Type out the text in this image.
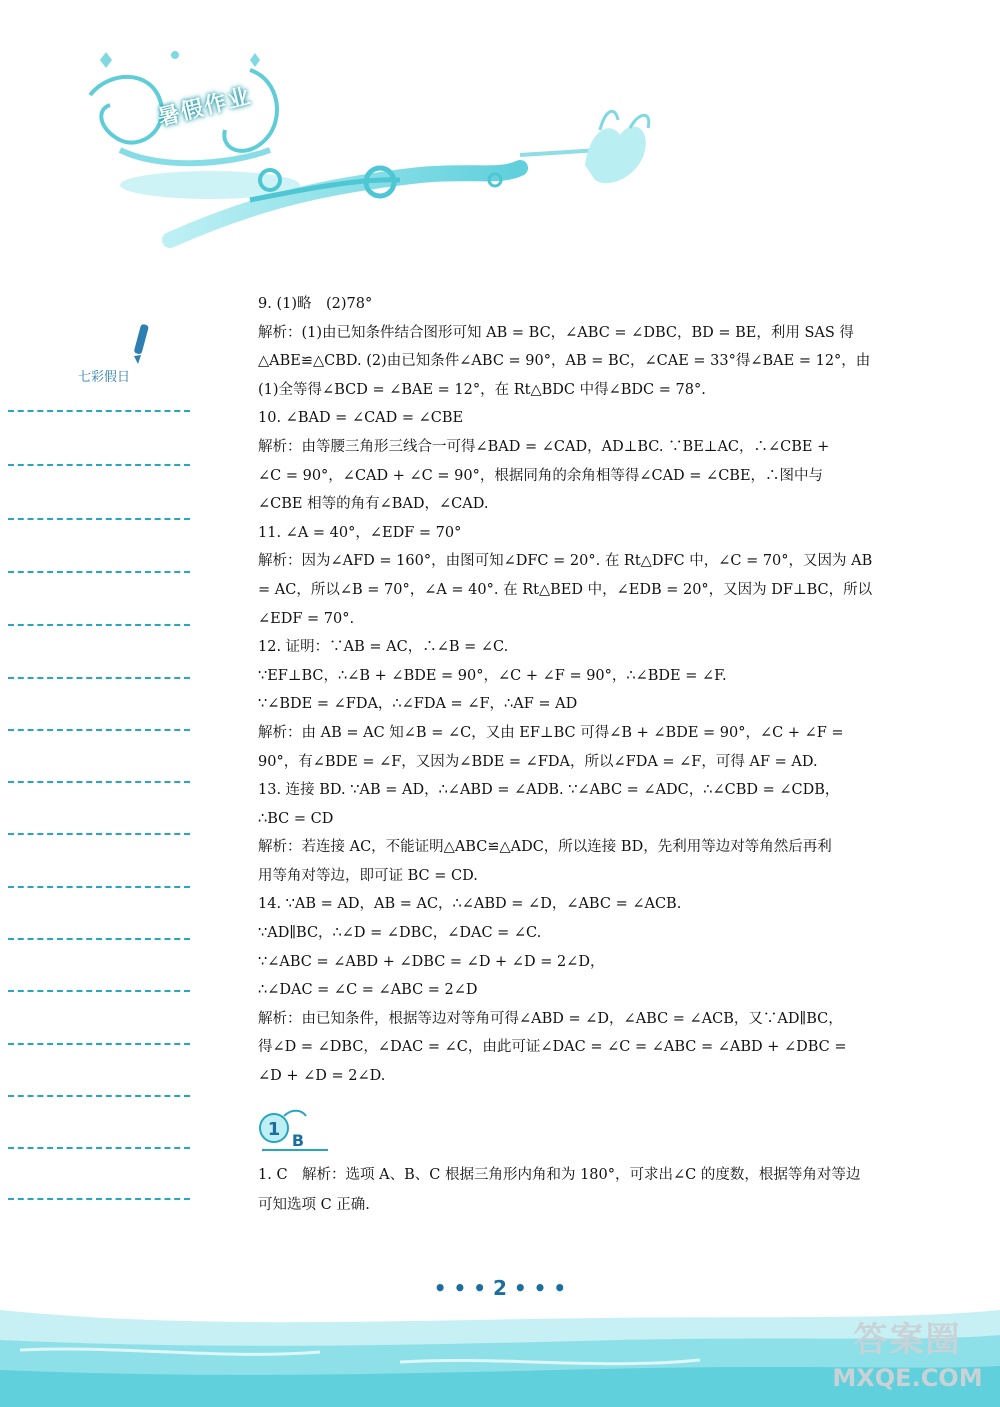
暑假作业
七彩假日

9. (1)略　(2)78°

解析：(1)由已知条件结合图形可知 AB = BC，∠ABC = ∠DBC，BD = BE，利用 SAS 得

△ABE≌△CBD. (2)由已知条件∠ABC = 90°，AB = BC，∠CAE = 33°得∠BAE = 12°，由

(1)全等得∠BCD = ∠BAE = 12°，在 Rt△BDC 中得∠BDC = 78°.

10. ∠BAD = ∠CAD = ∠CBE

解析：由等腰三角形三线合一可得∠BAD = ∠CAD，AD⊥BC. ∵BE⊥AC，∴∠CBE +

∠C = 90°，∠CAD + ∠C = 90°，根据同角的余角相等得∠CAD = ∠CBE，∴图中与

∠CBE 相等的角有∠BAD，∠CAD.

11. ∠A = 40°，∠EDF = 70°

解析：因为∠AFD = 160°，由图可知∠DFC = 20°. 在 Rt△DFC 中，∠C = 70°，又因为 AB

= AC，所以∠B = 70°，∠A = 40°. 在 Rt△BED 中，∠EDB = 20°，又因为 DF⊥BC，所以

∠EDF = 70°.

12. 证明：∵AB = AC，∴∠B = ∠C.

∵EF⊥BC，∴∠B + ∠BDE = 90°，∠C + ∠F = 90°，∴∠BDE = ∠F.

∵∠BDE = ∠FDA，∴∠FDA = ∠F，∴AF = AD

解析：由 AB = AC 知∠B = ∠C，又由 EF⊥BC 可得∠B + ∠BDE = 90°，∠C + ∠F =

90°，有∠BDE = ∠F，又因为∠BDE = ∠FDA，所以∠FDA = ∠F，可得 AF = AD.

13. 连接 BD. ∵AB = AD，∴∠ABD = ∠ADB. ∵∠ABC = ∠ADC，∴∠CBD = ∠CDB，

∴BC = CD

解析：若连接 AC，不能证明△ABC≌△ADC，所以连接 BD，先利用等边对等角然后再利

用等角对等边，即可证 BC = CD.

14. ∵AB = AD，AB = AC，∴∠ABD = ∠D，∠ABC = ∠ACB.

∵AD∥BC，∴∠D = ∠DBC，∠DAC = ∠C.

∵∠ABC = ∠ABD + ∠DBC = ∠D + ∠D = 2∠D，

∴∠DAC = ∠C = ∠ABC = 2∠D

解析：由已知条件，根据等边对等角可得∠ABD = ∠D，∠ABC = ∠ACB，又∵AD∥BC，

得∠D = ∠DBC，∠DAC = ∠C，由此可证∠DAC = ∠C = ∠ABC = ∠ABD + ∠DBC =

∠D + ∠D = 2∠D.

1
B

1. C　解析：选项 A、B、C 根据三角形内角和为 180°，可求出∠C 的度数，根据等角对等边

可知选项 C 正确.

• • • 2 • • •
答案圈
MXQE.COM
